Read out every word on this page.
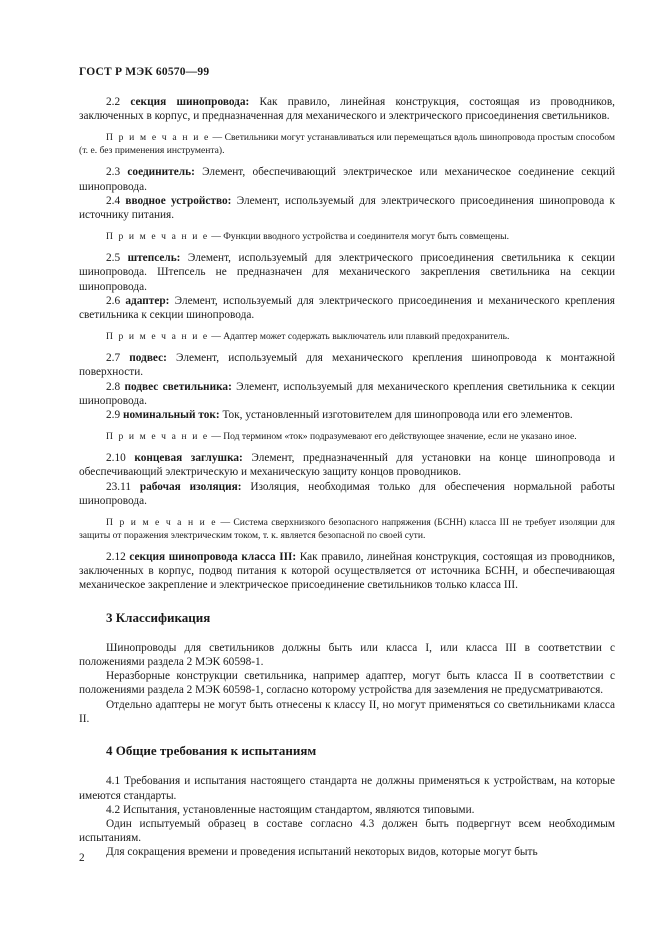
ГОСТ Р МЭК 60570—99

2.2 секция шинопровода: Как правило, линейная конструкция, состоящая из проводников, заключенных в корпус, и предназначенная для механического и электрического присоединения светильников.

П р и м е ч а н и е — Светильники могут устанавливаться или перемещаться вдоль шинопровода простым способом (т. е. без применения инструмента).

2.3 соединитель: Элемент, обеспечивающий электрическое или механическое соединение секций шинопровода.

2.4 вводное устройство: Элемент, используемый для электрического присоединения шинопровода к источнику питания.

П р и м е ч а н и е — Функции вводного устройства и соединителя могут быть совмещены.

2.5 штепсель: Элемент, используемый для электрического присоединения светильника к секции шинопровода. Штепсель не предназначен для механического закрепления светильника на секции шинопровода.

2.6 адаптер: Элемент, используемый для электрического присоединения и механического крепления светильника к секции шинопровода.

П р и м е ч а н и е — Адаптер может содержать выключатель или плавкий предохранитель.

2.7 подвес: Элемент, используемый для механического крепления шинопровода к монтажной поверхности.

2.8 подвес светильника: Элемент, используемый для механического крепления светильника к секции шинопровода.

2.9 номинальный ток: Ток, установленный изготовителем для шинопровода или его элементов.

П р и м е ч а н и е — Под термином «ток» подразумевают его действующее значение, если не указано иное.

2.10 концевая заглушка: Элемент, предназначенный для установки на конце шинопровода и обеспечивающий электрическую и механическую защиту концов проводников.

23.11 рабочая изоляция: Изоляция, необходимая только для обеспечения нормальной работы шинопровода.

П р и м е ч а н и е — Система сверхнизкого безопасного напряжения (БСНН) класса III не требует изоляции для защиты от поражения электрическим током, т. к. является безопасной по своей сути.

2.12 секция шинопровода класса III: Как правило, линейная конструкция, состоящая из проводников, заключенных в корпус, подвод питания к которой осуществляется от источника БСНН, и обеспечивающая механическое закрепление и электрическое присоединение светильников только класса III.

3 Классификация

Шинопроводы для светильников должны быть или класса I, или класса III в соответствии с положениями раздела 2 МЭК 60598-1.

Неразборные конструкции светильника, например адаптер, могут быть класса II в соответствии с положениями раздела 2 МЭК 60598-1, согласно которому устройства для заземления не предусматриваются.

Отдельно адаптеры не могут быть отнесены к классу II, но могут применяться со светильниками класса II.

4 Общие требования к испытаниям

4.1 Требования и испытания настоящего стандарта не должны применяться к устройствам, на которые имеются стандарты.

4.2 Испытания, установленные настоящим стандартом, являются типовыми.

Один испытуемый образец в составе согласно 4.3 должен быть подвергнут всем необходимым испытаниям.

Для сокращения времени и проведения испытаний некоторых видов, которые могут быть

2
